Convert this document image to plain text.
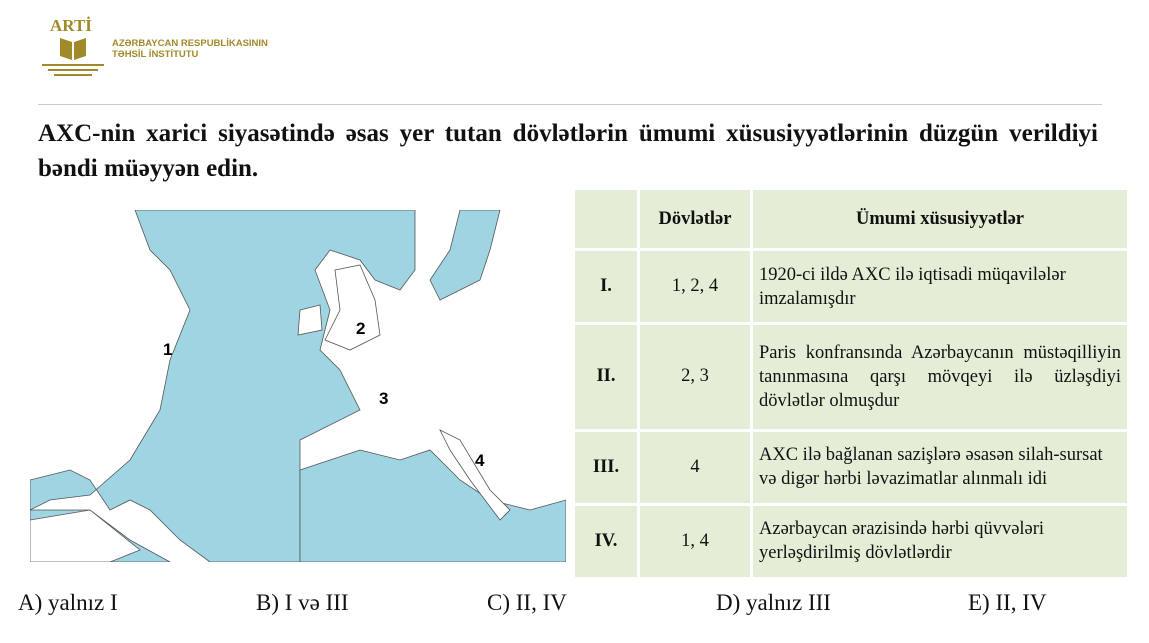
ARTİ
AZƏRBAYCAN RESPUBLİKASININ
TƏHSİL İNSTİTUTU
AXC-nin xarici siyasətində əsas yer tutan dövlətlərin ümumi xüsusiyyətlərinin düzgün verildiyi bəndi müəyyən edin.
1
2
3
4
	Dövlətlər	Ümumi xüsusiyyətlər
I.	1, 2, 4	1920-ci ildə AXC ilə iqtisadi müqavilələr imzalamışdır
II.	2, 3	Paris konfransında Azərbaycanın müstəqilliyin tanınmasına qarşı mövqeyi ilə üzləşdiyi dövlətlər olmuşdur
III.	4	AXC ilə bağlanan sazişlərə əsasən silah-sursat və digər hərbi ləvazimatlar alınmalı idi
IV.	1, 4	Azərbaycan ərazisində hərbi qüvvələri yerləşdirilmiş dövlətlərdir
A) yalnız I	B) I və III	C) II, IV	D) yalnız III	E) II, IV
